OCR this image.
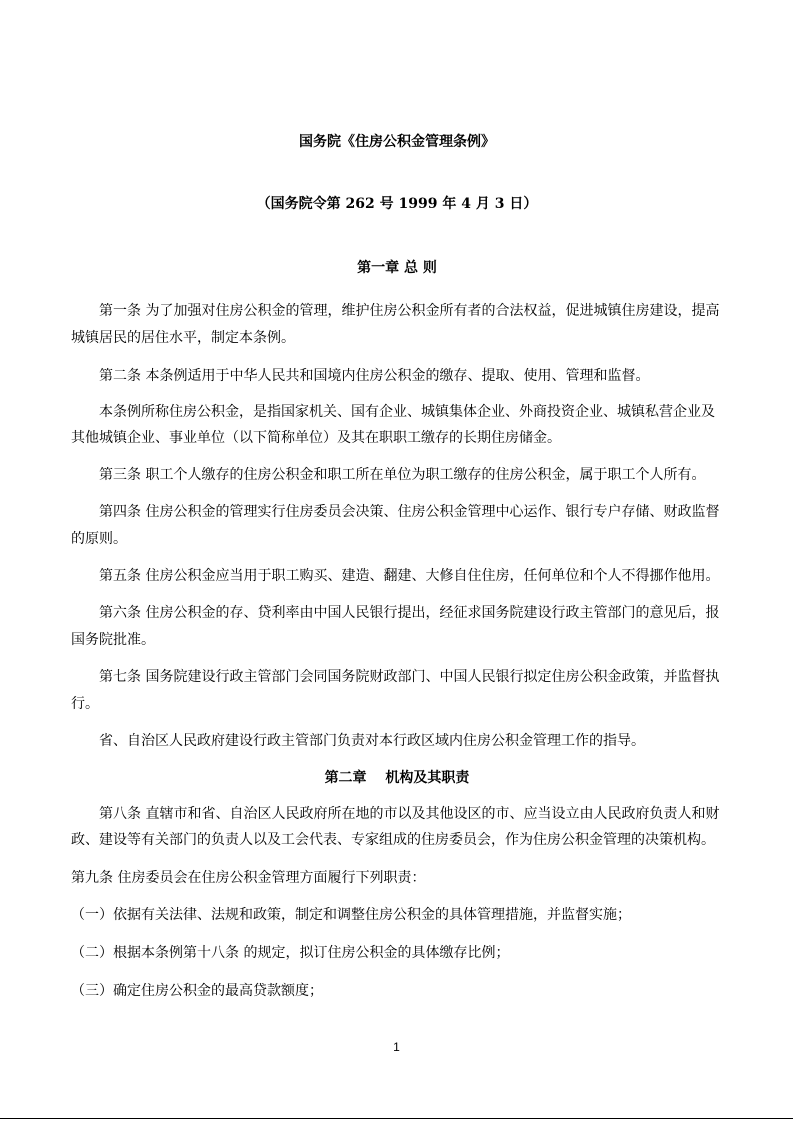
国务院《住房公积金管理条例》
（国务院令第 262 号 1999 年 4 月 3 日）
第一章 总 则
第一条 为了加强对住房公积金的管理，维护住房公积金所有者的合法权益，促进城镇住房建设，提高
城镇居民的居住水平，制定本条例。
第二条 本条例适用于中华人民共和国境内住房公积金的缴存、提取、使用、管理和监督。
本条例所称住房公积金，是指国家机关、国有企业、城镇集体企业、外商投资企业、城镇私营企业及
其他城镇企业、事业单位（以下简称单位）及其在职职工缴存的长期住房储金。
第三条 职工个人缴存的住房公积金和职工所在单位为职工缴存的住房公积金，属于职工个人所有。
第四条 住房公积金的管理实行住房委员会决策、住房公积金管理中心运作、银行专户存储、财政监督
的原则。
第五条 住房公积金应当用于职工购买、建造、翻建、大修自住住房，任何单位和个人不得挪作他用。
第六条 住房公积金的存、贷利率由中国人民银行提出，经征求国务院建设行政主管部门的意见后，报
国务院批准。
第七条 国务院建设行政主管部门会同国务院财政部门、中国人民银行拟定住房公积金政策，并监督执
行。
省、自治区人民政府建设行政主管部门负责对本行政区域内住房公积金管理工作的指导。
第二章　 机构及其职责
第八条 直辖市和省、自治区人民政府所在地的市以及其他设区的市、应当设立由人民政府负责人和财
政、建设等有关部门的负责人以及工会代表、专家组成的住房委员会，作为住房公积金管理的决策机构。
第九条 住房委员会在住房公积金管理方面履行下列职责：
（一）依据有关法律、法规和政策，制定和调整住房公积金的具体管理措施，并监督实施；
（二）根据本条例第十八条 的规定，拟订住房公积金的具体缴存比例；
（三）确定住房公积金的最高贷款额度；
1
